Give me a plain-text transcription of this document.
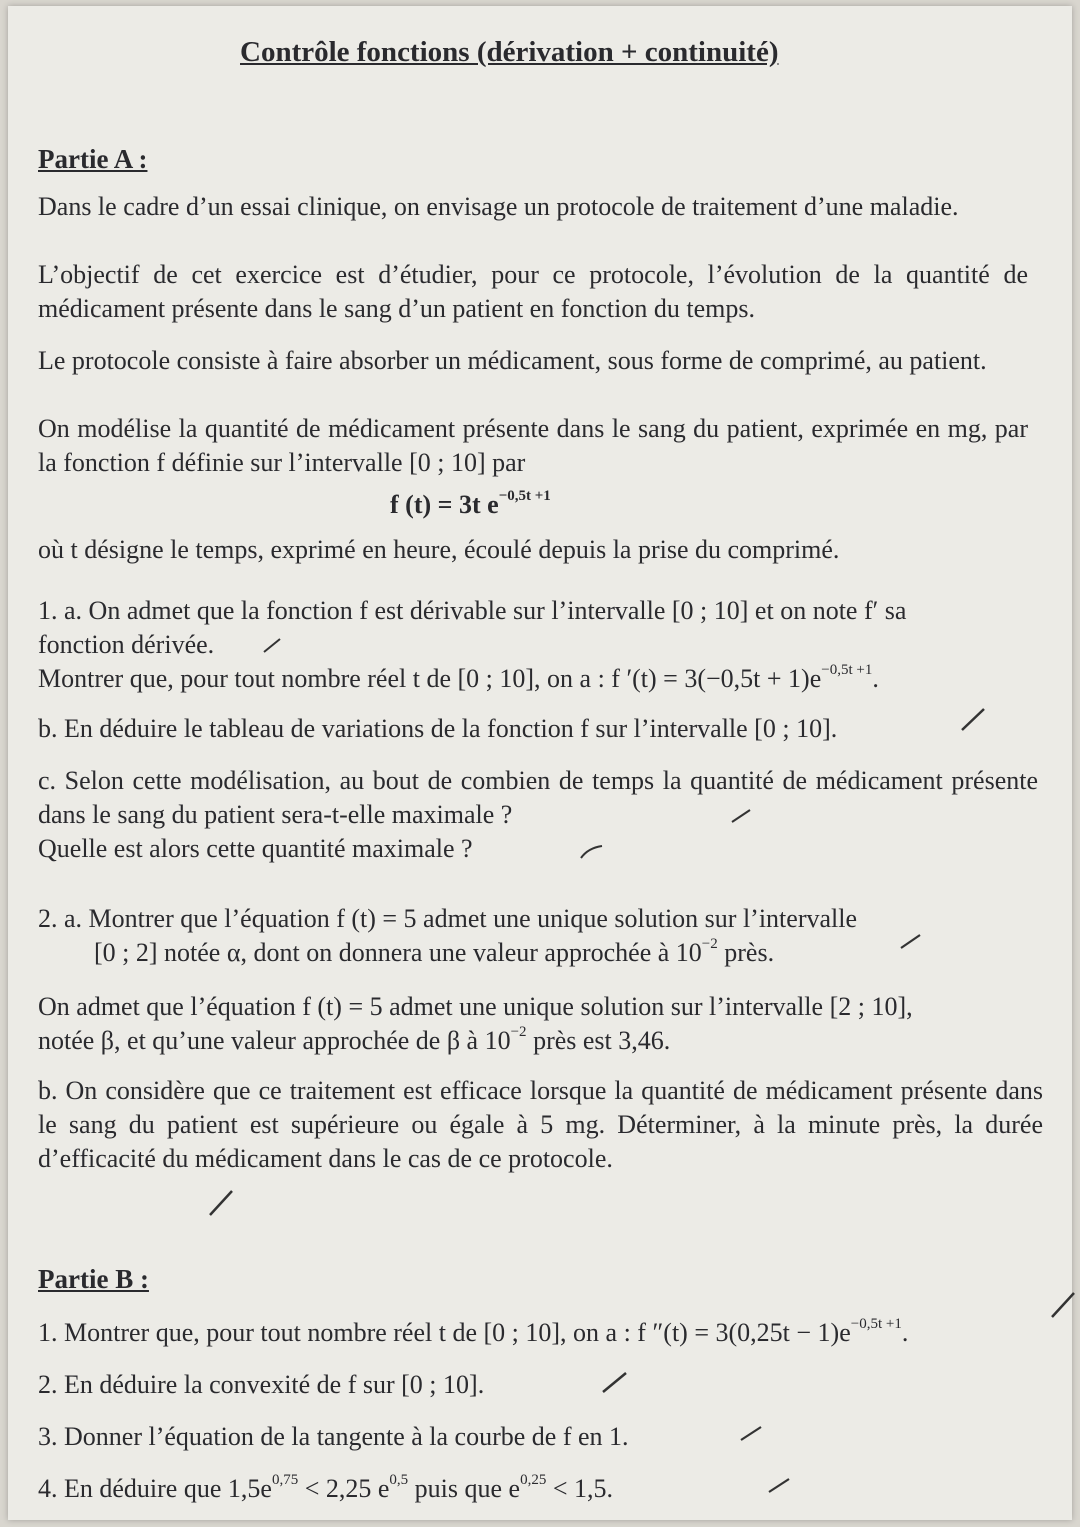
Contrôle fonctions (dérivation + continuité)
Partie A :
Dans le cadre d’un essai clinique, on envisage un protocole de traitement d’une maladie.
L’objectif de cet exercice est d’étudier, pour ce protocole, l’évolution de la quantité de médicament présente dans le sang d’un patient en fonction du temps.
Le protocole consiste à faire absorber un médicament, sous forme de comprimé, au patient.
On modélise la quantité de médicament présente dans le sang du patient, exprimée en mg, par la fonction f définie sur l’intervalle [0 ; 10] par
f (t) = 3t $e^{-0,5t +1}$
où t désigne le temps, exprimé en heure, écoulé depuis la prise du comprimé.
1. a. On admet que la fonction f est dérivable sur l’intervalle [0 ; 10] et on note f′ sa
fonction dérivée.
Montrer que, pour tout nombre réel t de [0 ; 10], on a : f $'(t) = 3(-0,5t + 1)e^{-0,5t +1}$.
b. En déduire le tableau de variations de la fonction f sur l’intervalle [0 ; 10].
c. Selon cette modélisation, au bout de combien de temps la quantité de médicament présente dans le sang du patient sera-t-elle maximale ?
Quelle est alors cette quantité maximale ?
2. a. Montrer que l’équation f (t) = 5 admet une unique solution sur l’intervalle
[0 ; 2] notée α, dont on donnera une valeur approchée à $10^{-2}$ près.
On admet que l’équation f (t) = 5 admet une unique solution sur l’intervalle [2 ; 10],
notée β, et qu’une valeur approchée de β à $10^{-2}$ près est 3,46.
b. On considère que ce traitement est efficace lorsque la quantité de médicament présente dans le sang du patient est supérieure ou égale à 5 mg. Déterminer, à la minute près, la durée d’efficacité du médicament dans le cas de ce protocole.
Partie B :
1. Montrer que, pour tout nombre réel t de [0 ; 10], on a : f $''(t) = 3(0,25t - 1)e^{-0,5t +1}$.
2. En déduire la convexité de f sur [0 ; 10].
3. Donner l’équation de la tangente à la courbe de f en 1.
4. En déduire que $1,5e^{0,75} < 2,25$ $e^{0,5}$ puis que $e^{0,25} < 1,5$.
